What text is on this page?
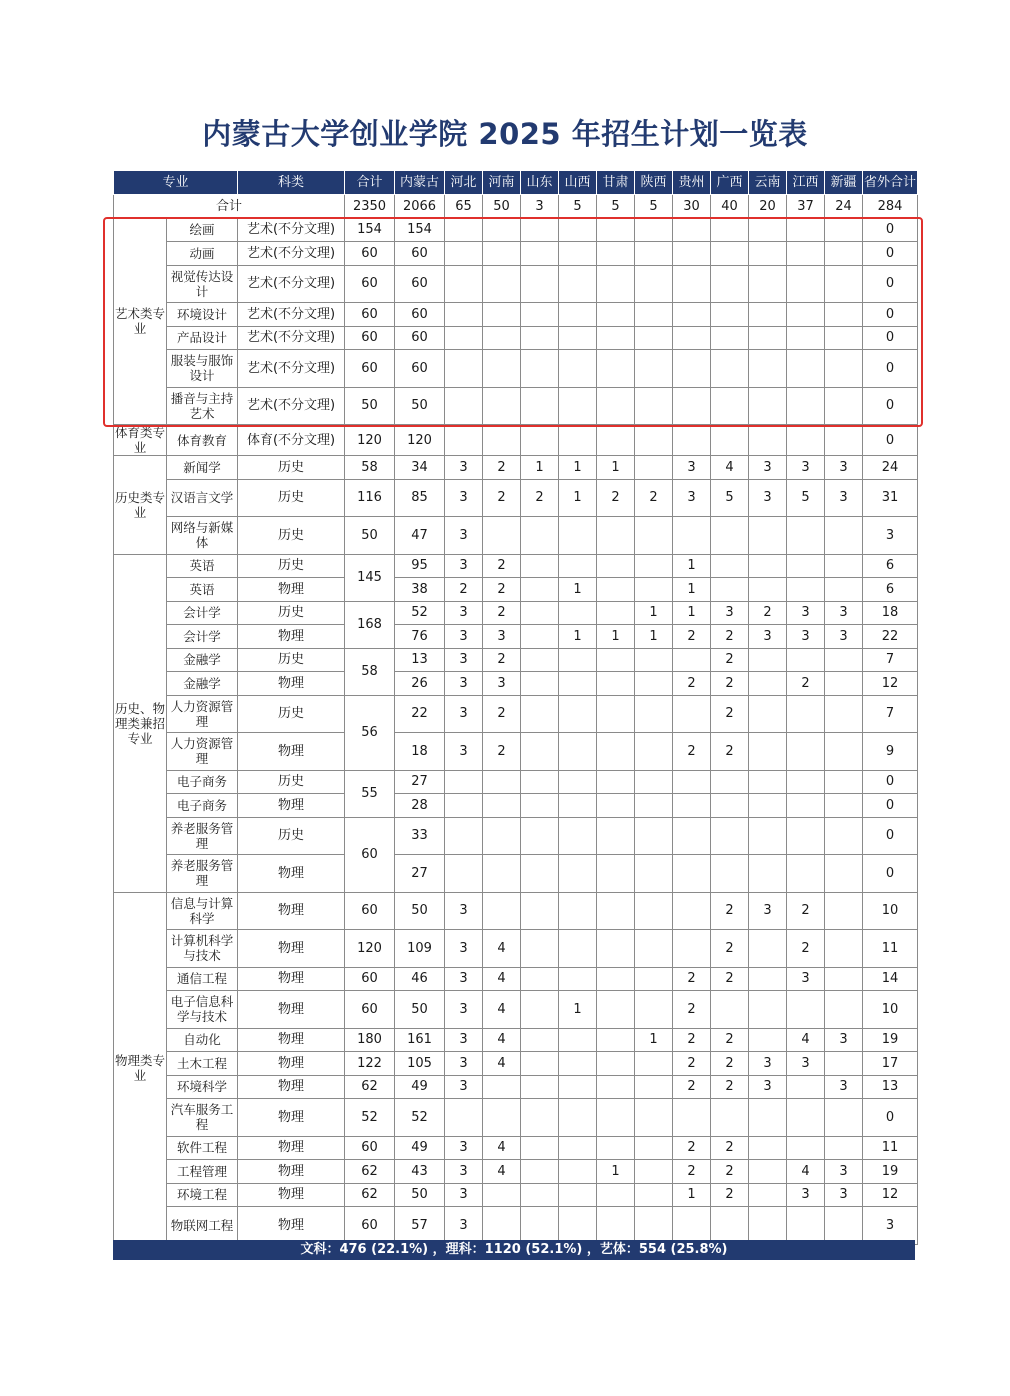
内蒙古大学创业学院 2025 年招生计划一览表
专业		科类	合计	内蒙古	河北	河南	山东	山西	甘肃	陕西	贵州	广西	云南	江西	新疆	省外合计
合计			2350	2066	65	50	3	5	5	5	30	40	20	37	24	284
艺术类专业	绘画	艺术(不分文理)	154	154												0
	动画	艺术(不分文理)	60	60												0
	视觉传达设计	艺术(不分文理)	60	60												0
	环境设计	艺术(不分文理)	60	60												0
	产品设计	艺术(不分文理)	60	60												0
	服装与服饰设计	艺术(不分文理)	60	60												0
	播音与主持艺术	艺术(不分文理)	50	50												0
体育类专业	体育教育	体育(不分文理)	120	120												0
历史类专业	新闻学	历史	58	34	3	2	1	1	1		3	4	3	3	3	24
	汉语言文学	历史	116	85	3	2	2	1	2	2	3	5	3	5	3	31
	网络与新媒体	历史	50	47	3											3
历史、物理类兼招专业	英语	历史	145	95	3	2					1					6
	英语	物理		38	2	2		1			1					6
	会计学	历史	168	52	3	2				1	1	3	2	3	3	18
	会计学	物理		76	3	3		1	1	1	2	2	3	3	3	22
	金融学	历史	58	13	3	2						2				7
	金融学	物理		26	3	3					2	2		2		12
	人力资源管理	历史	56	22	3	2						2				7
	人力资源管理	物理		18	3	2					2	2				9
	电子商务	历史	55	27												0
	电子商务	物理		28												0
	养老服务管理	历史	60	33												0
	养老服务管理	物理		27												0
物理类专业	信息与计算科学	物理	60	50	3							2	3	2		10
	计算机科学与技术	物理	120	109	3	4						2		2		11
	通信工程	物理	60	46	3	4					2	2		3		14
	电子信息科学与技术	物理	60	50	3	4		1			2					10
	自动化	物理	180	161	3	4				1	2	2		4	3	19
	土木工程	物理	122	105	3	4					2	2	3	3		17
	环境科学	物理	62	49	3						2	2	3		3	13
	汽车服务工程	物理	52	52												0
	软件工程	物理	60	49	3	4					2	2				11
	工程管理	物理	62	43	3	4			1		2	2		4	3	19
	环境工程	物理	62	50	3						1	2		3	3	12
	物联网工程	物理	60	57	3											3
文科：476 (22.1%) ，理科：1120 (52.1%) ，艺体：554 (25.8%)
